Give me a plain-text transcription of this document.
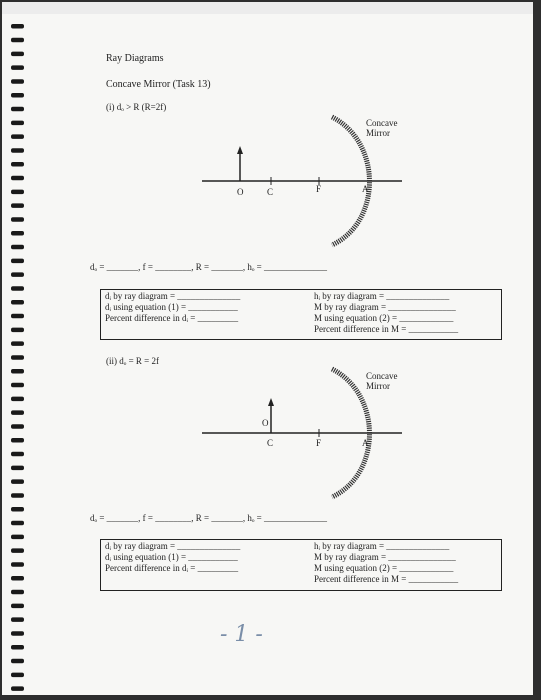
Ray Diagrams
Concave Mirror (Task 13)
(i) dₒ > R (R=2f)
O	C	F	A
Concave
Mirror
dₒ = _______, f = ________, R = _______, hₒ = ______________
dᵢ by ray diagram = ______________
dᵢ using equation (1) = ___________
Percent difference in dᵢ = _________
hᵢ by ray diagram = ______________
M by ray diagram = _______________
M using equation (2) = ____________
Percent difference in M = ___________
(ii) dₒ = R = 2f
O
C	F	A
Concave
Mirror
dₒ = _______, f = ________, R = _______, hₒ = ______________
dᵢ by ray diagram = ______________
dᵢ using equation (1) = ___________
Percent difference in dᵢ = _________
hᵢ by ray diagram = ______________
M by ray diagram = _______________
M using equation (2) = ____________
Percent difference in M = ___________
- 1 -
